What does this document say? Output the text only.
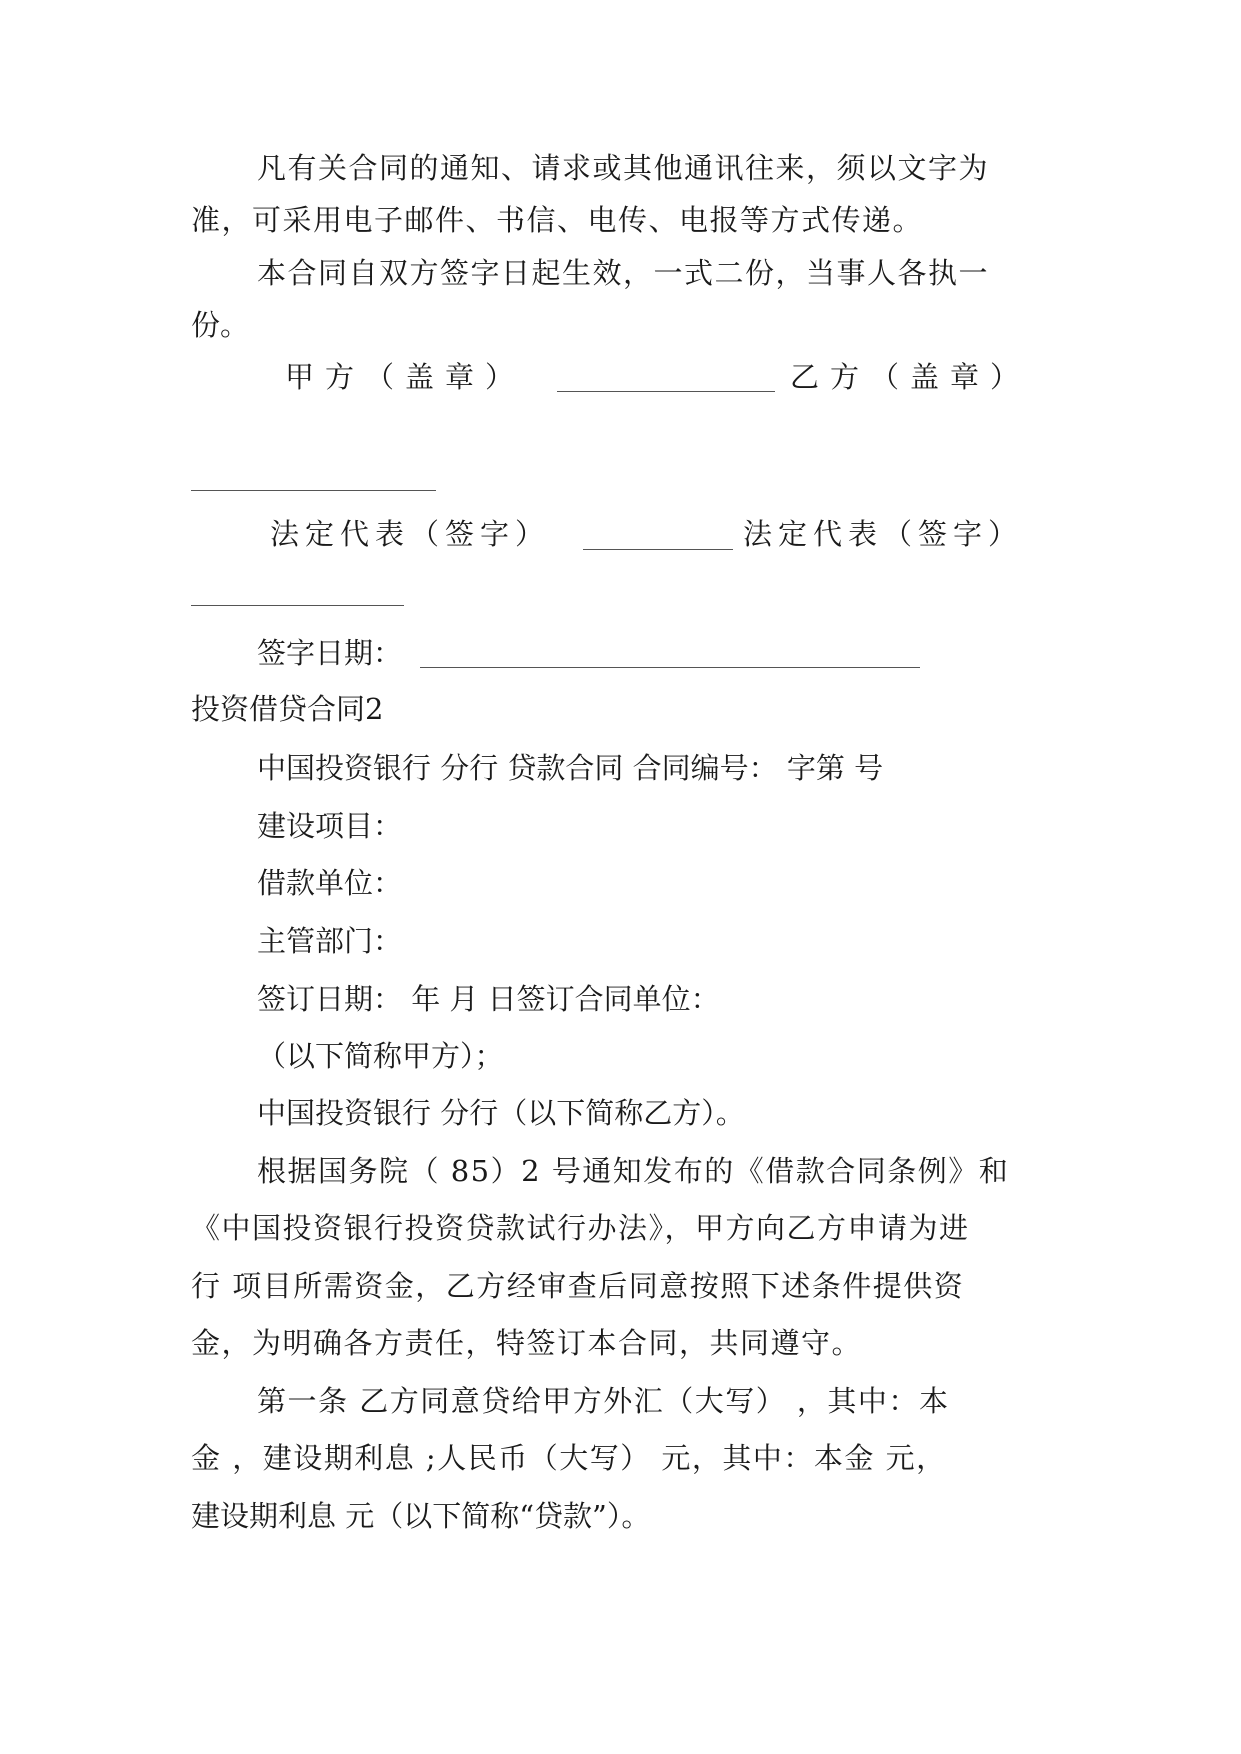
凡有关合同的通知、请求或其他通讯往来，须以文字为
准，可采用电子邮件、书信、电传、电报等方式传递。
本合同自双方签字日起生效，一式二份，当事人各执一
份。
甲方（盖章）	乙方（盖章）
法定代表（签字）	法定代表（签字）
签字日期：
投资借贷合同2
中国投资银行 分行 贷款合同 合同编号： 字第 号
建设项目：
借款单位：
主管部门：
签订日期： 年 月 日签订合同单位：
（以下简称甲方）；
中国投资银行 分行（以下简称乙方）。
根据国务院（ 85）2 号通知发布的《借款合同条例》和
《中国投资银行投资贷款试行办法》，甲方向乙方申请为进
行 项目所需资金，乙方经审查后同意按照下述条件提供资
金，为明确各方责任，特签订本合同，共同遵守。
第一条 乙方同意贷给甲方外汇（大写） ，其中：本
金 ，建设期利息 ;人民币（大写） 元，其中：本金 元，
建设期利息 元（以下简称“贷款”）。
